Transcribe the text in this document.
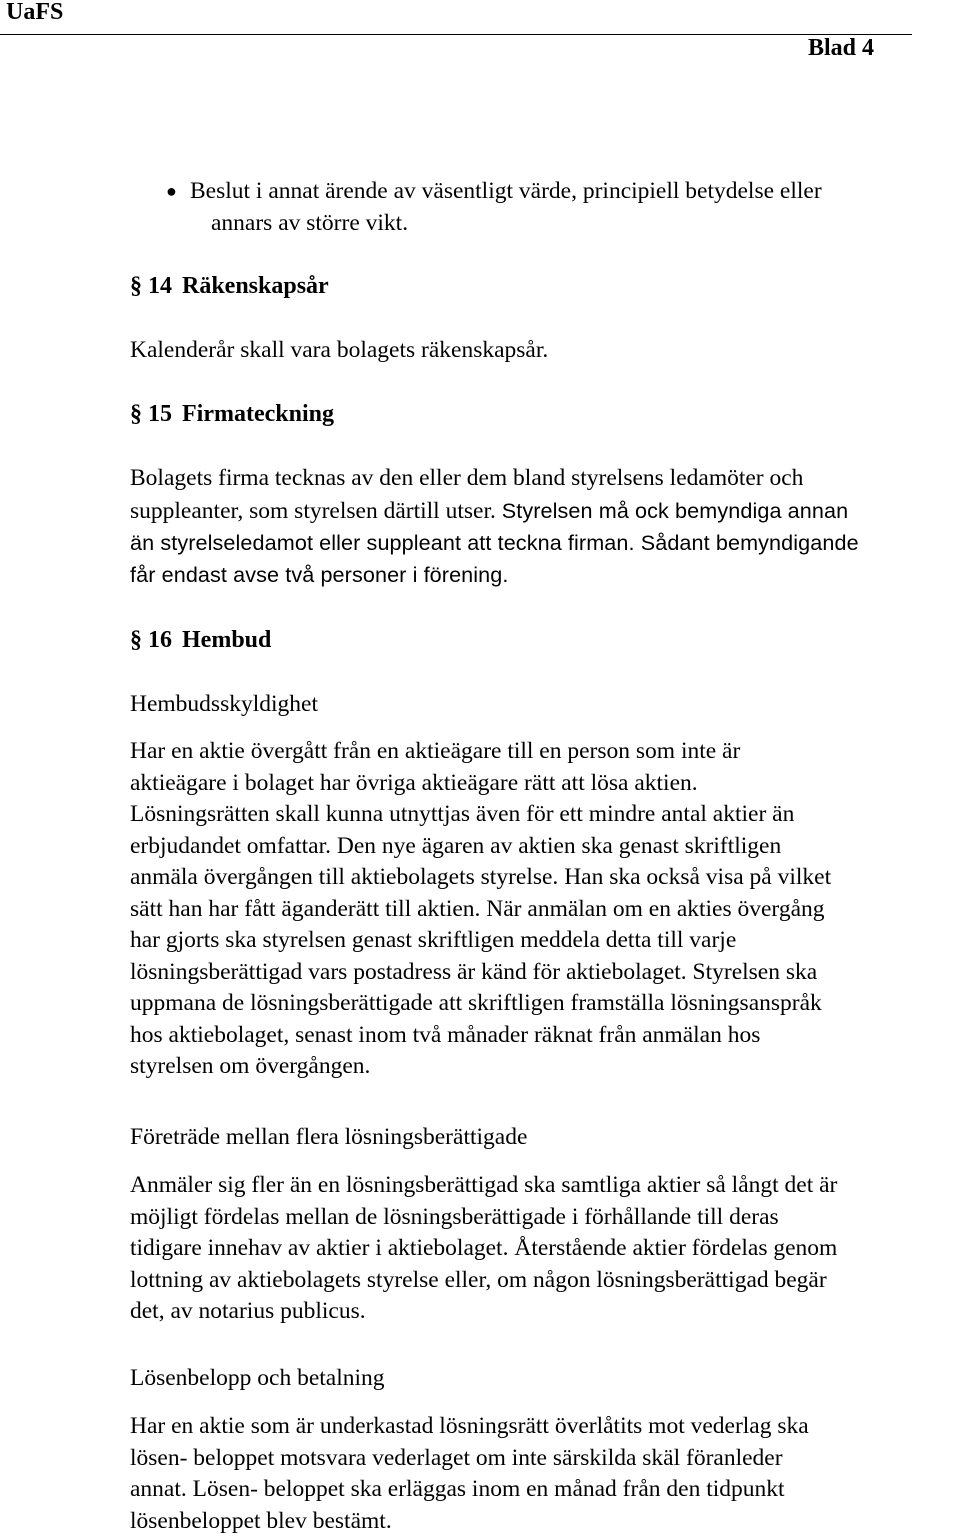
UaFS
Blad 4
● Beslut i annat ärende av väsentligt värde, principiell betydelse eller
annars av större vikt.
§ 14 Räkenskapsår
Kalenderår skall vara bolagets räkenskapsår.
§ 15 Firmateckning
Bolagets firma tecknas av den eller dem bland styrelsens ledamöter och
suppleanter, som styrelsen därtill utser. Styrelsen må ock bemyndiga annan
än styrelseledamot eller suppleant att teckna firman. Sådant bemyndigande
får endast avse två personer i förening.
§ 16 Hembud
Hembudsskyldighet
Har en aktie övergått från en aktieägare till en person som inte är
aktieägare i bolaget har övriga aktieägare rätt att lösa aktien.
Lösningsrätten skall kunna utnyttjas även för ett mindre antal aktier än
erbjudandet omfattar. Den nye ägaren av aktien ska genast skriftligen
anmäla övergången till aktiebolagets styrelse. Han ska också visa på vilket
sätt han har fått äganderätt till aktien. När anmälan om en akties övergång
har gjorts ska styrelsen genast skriftligen meddela detta till varje
lösningsberättigad vars postadress är känd för aktiebolaget. Styrelsen ska
uppmana de lösningsberättigade att skriftligen framställa lösningsanspråk
hos aktiebolaget, senast inom två månader räknat från anmälan hos
styrelsen om övergången.
Företräde mellan flera lösningsberättigade
Anmäler sig fler än en lösningsberättigad ska samtliga aktier så långt det är
möjligt fördelas mellan de lösningsberättigade i förhållande till deras
tidigare innehav av aktier i aktiebolaget. Återstående aktier fördelas genom
lottning av aktiebolagets styrelse eller, om någon lösningsberättigad begär
det, av notarius publicus.
Lösenbelopp och betalning
Har en aktie som är underkastad lösningsrätt överlåtits mot vederlag ska
lösen- beloppet motsvara vederlaget om inte särskilda skäl föranleder
annat. Lösen- beloppet ska erläggas inom en månad från den tidpunkt
lösenbeloppet blev bestämt.
